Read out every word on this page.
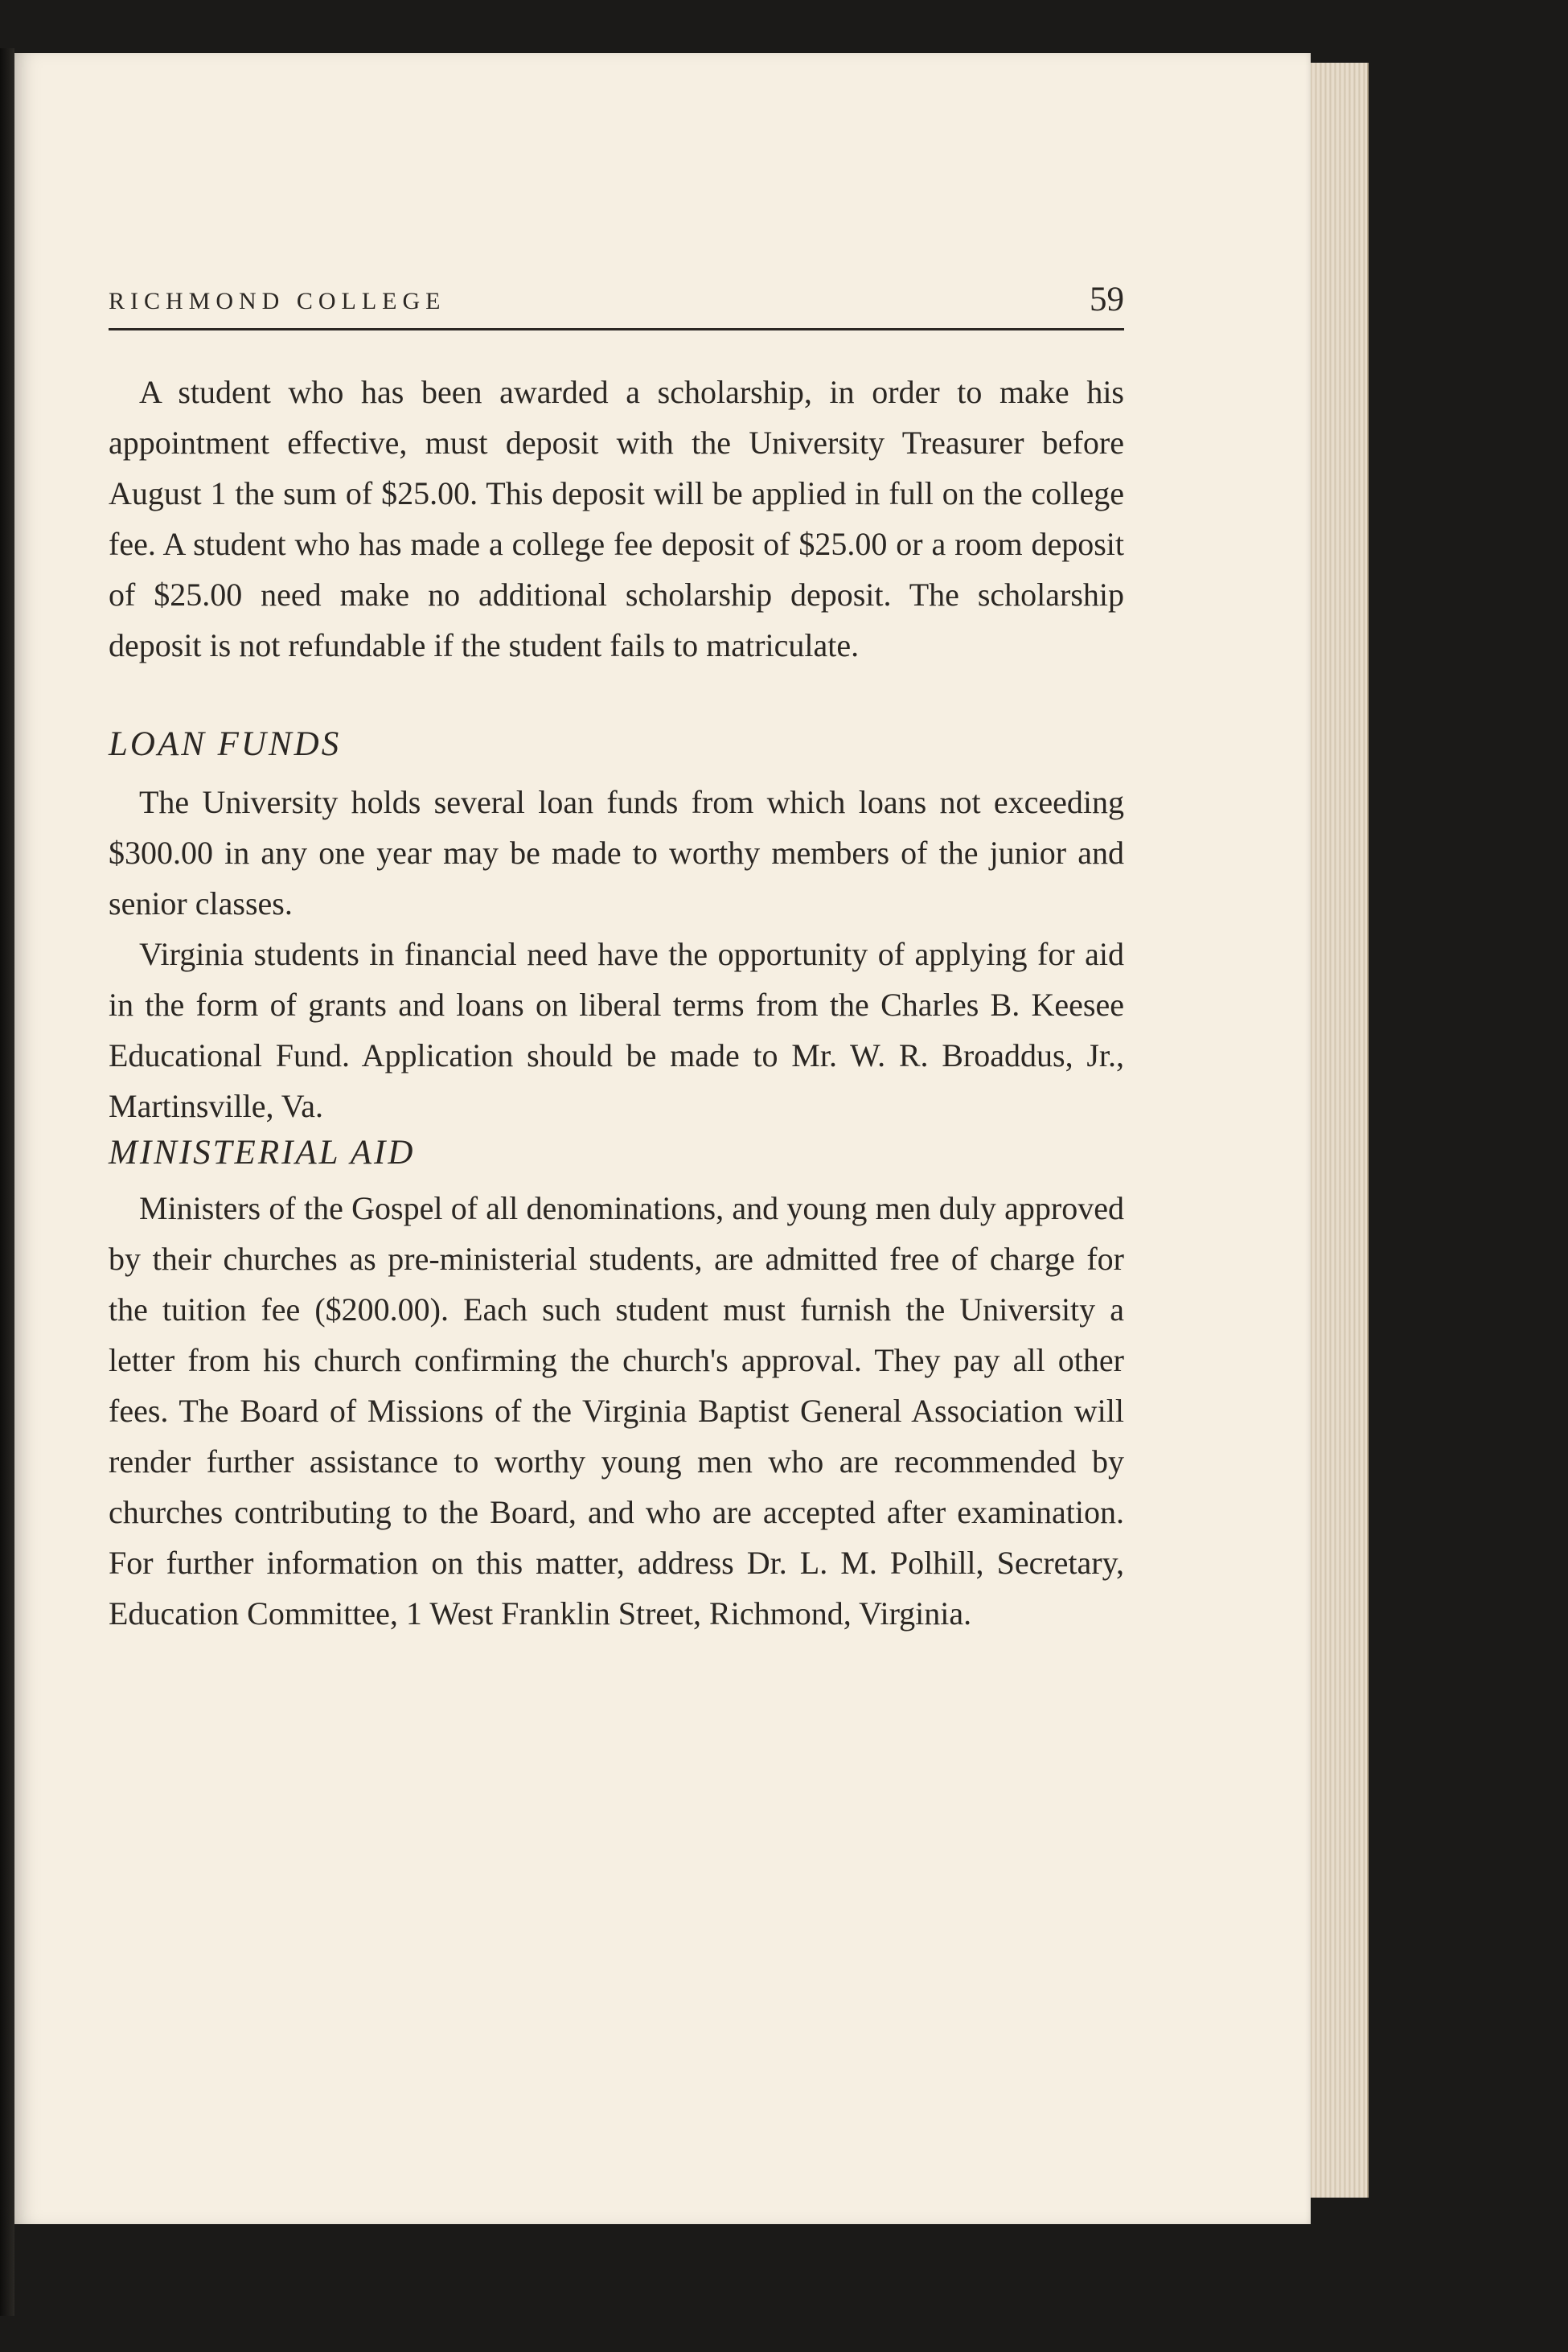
RICHMOND COLLEGE	59

A student who has been awarded a scholarship, in order to make his appointment effective, must deposit with the University Treasurer before August 1 the sum of $25.00. This deposit will be applied in full on the college fee. A student who has made a college fee deposit of $25.00 or a room deposit of $25.00 need make no additional scholarship deposit. The scholarship deposit is not refundable if the student fails to matriculate.

LOAN FUNDS

The University holds several loan funds from which loans not exceeding $300.00 in any one year may be made to worthy members of the junior and senior classes.

Virginia students in financial need have the opportunity of applying for aid in the form of grants and loans on liberal terms from the Charles B. Keesee Educational Fund. Application should be made to Mr. W. R. Broaddus, Jr., Martinsville, Va.

MINISTERIAL AID

Ministers of the Gospel of all denominations, and young men duly approved by their churches as pre-ministerial students, are admitted free of charge for the tuition fee ($200.00). Each such student must furnish the University a letter from his church confirming the church's approval. They pay all other fees. The Board of Missions of the Virginia Baptist General Association will render further assistance to worthy young men who are recommended by churches contributing to the Board, and who are accepted after examination. For further information on this matter, address Dr. L. M. Polhill, Secretary, Education Committee, 1 West Franklin Street, Richmond, Virginia.
